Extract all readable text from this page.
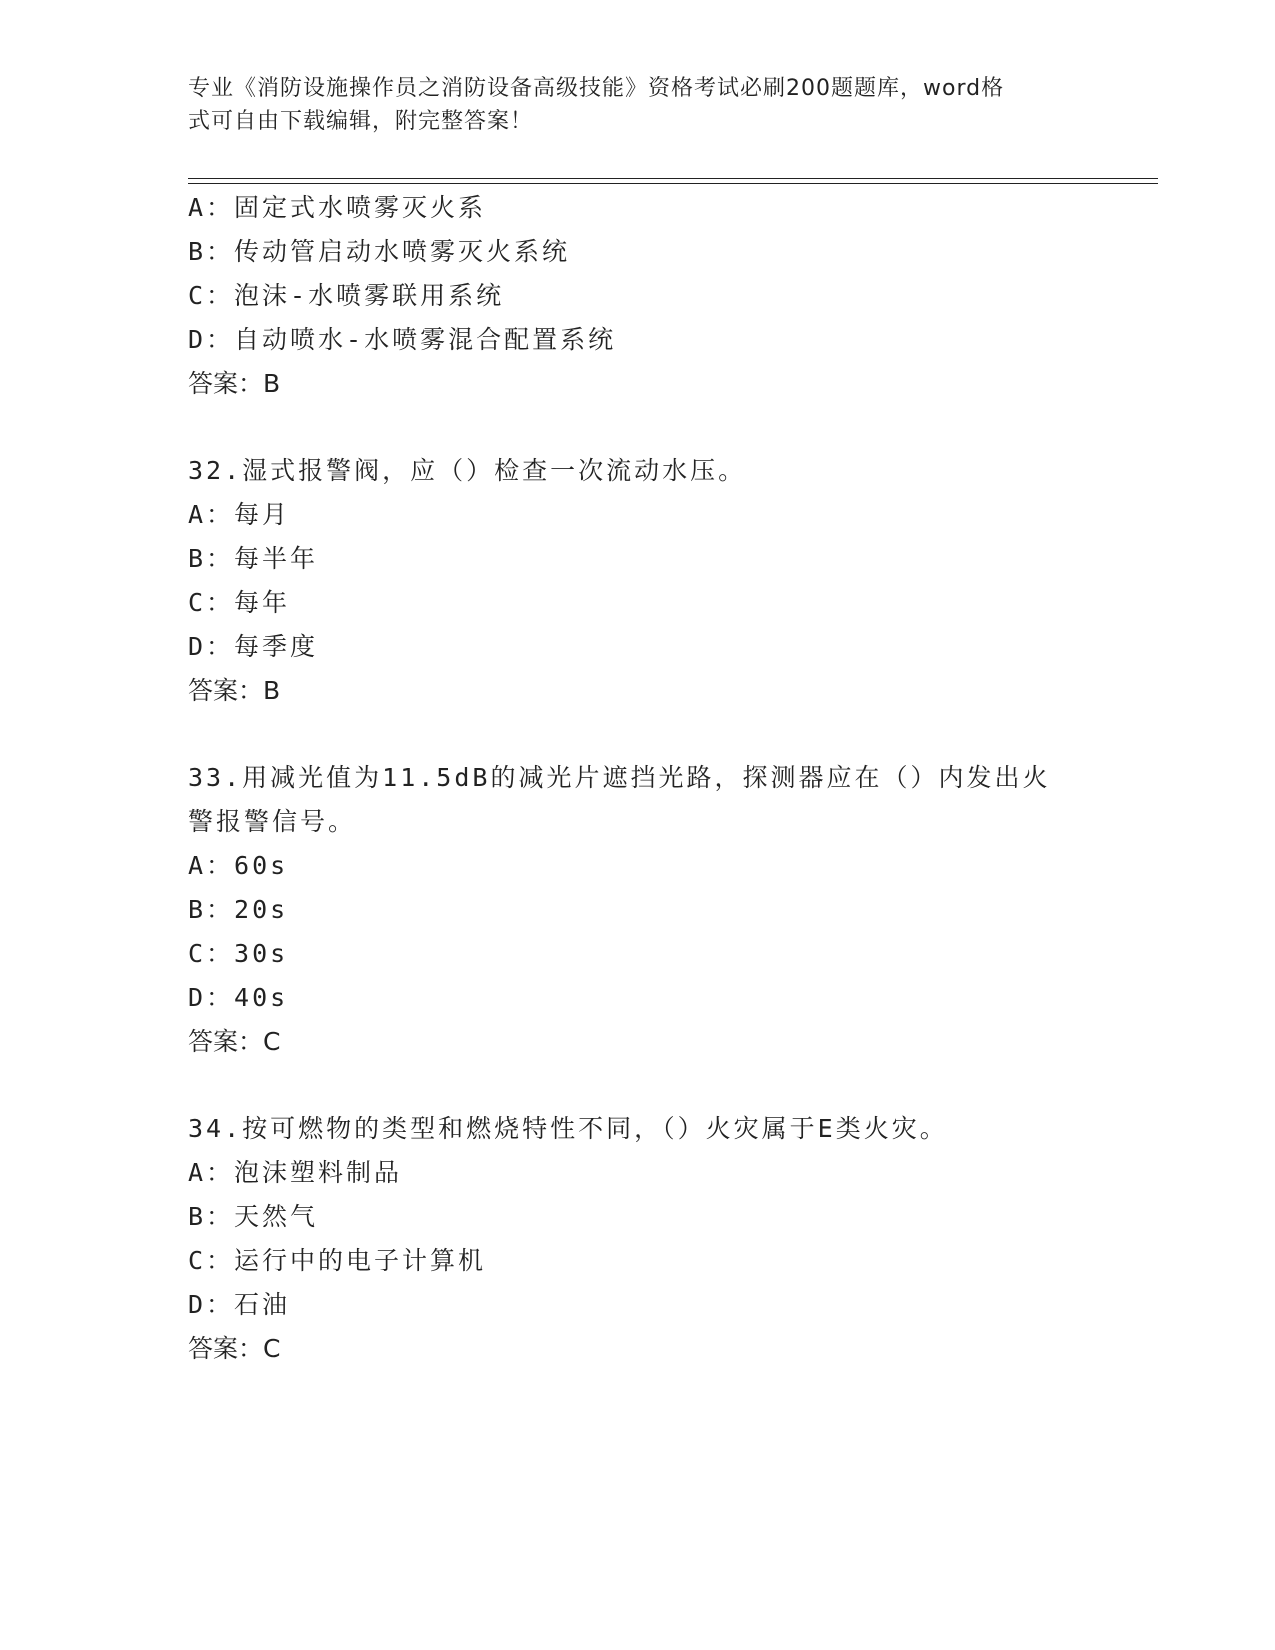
专业《消防设施操作员之消防设备高级技能》资格考试必刷200题题库，word格
式可自由下载编辑，附完整答案！
A：固定式水喷雾灭火系
B：传动管启动水喷雾灭火系统
C：泡沫-水喷雾联用系统
D：自动喷水-水喷雾混合配置系统
答案：B
32.湿式报警阀，应（）检查一次流动水压。
A：每月
B：每半年
C：每年
D：每季度
答案：B
33.用减光值为11.5dB的减光片遮挡光路，探测器应在（）内发出火
警报警信号。
A：60s
B：20s
C：30s
D：40s
答案：C
34.按可燃物的类型和燃烧特性不同，（）火灾属于E类火灾。
A：泡沫塑料制品
B：天然气
C：运行中的电子计算机
D：石油
答案：C
